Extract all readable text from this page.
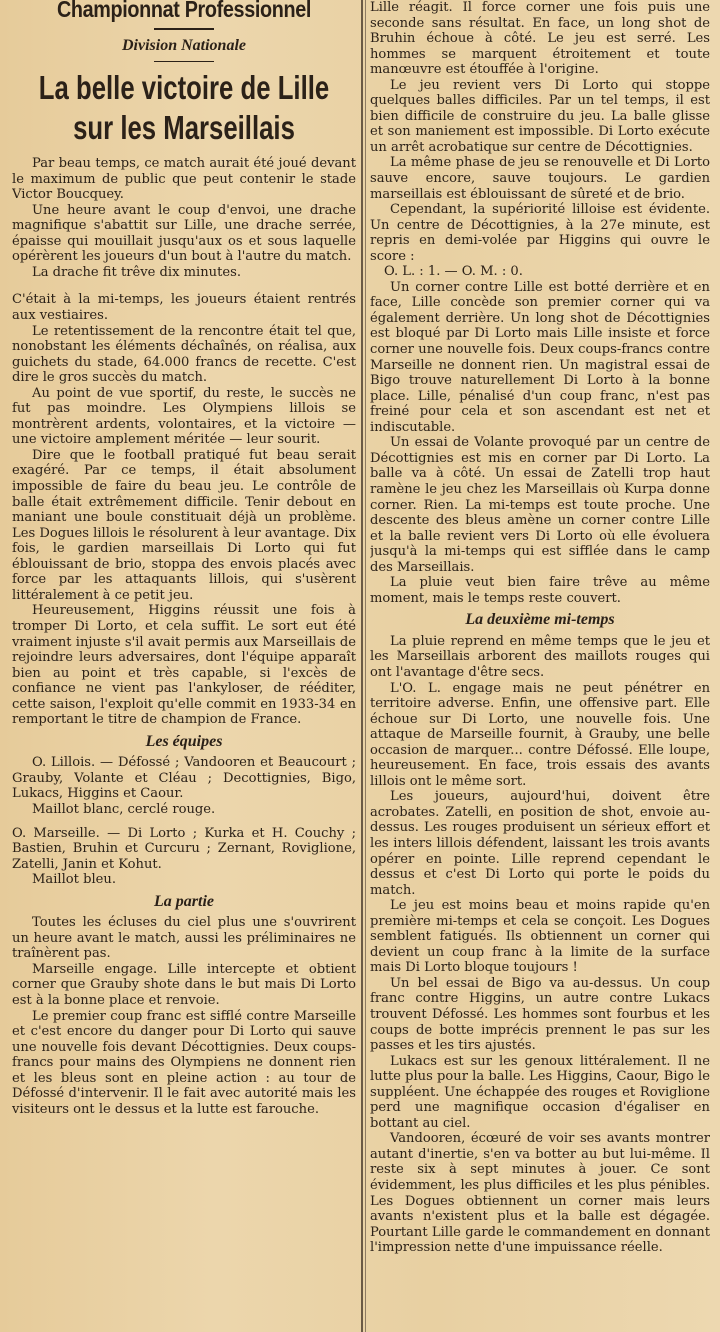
Championnat Professionnel
Division Nationale
La belle victoire de Lille
sur les Marseillais

Par beau temps, ce match aurait été joué devant le maximum de public que peut contenir le stade Victor Boucquey.

Une heure avant le coup d'envoi, une drache magnifique s'abattit sur Lille, une drache serrée, épaisse qui mouillait jusqu'aux os et sous laquelle opérèrent les joueurs d'un bout à l'autre du match.

La drache fit trêve dix minutes.

C'était à la mi-temps, les joueurs étaient rentrés aux vestiaires.

Le retentissement de la rencontre était tel que, nonobstant les éléments déchaînés, on réalisa, aux guichets du stade, 64.000 francs de recette. C'est dire le gros succès du match.

Au point de vue sportif, du reste, le succès ne fut pas moindre. Les Olympiens lillois se montrèrent ardents, volontaires, et la victoire — une victoire amplement méritée — leur sourit.

Dire que le football pratiqué fut beau serait exagéré. Par ce temps, il était absolument impossible de faire du beau jeu. Le contrôle de balle était extrêmement difficile. Tenir debout en maniant une boule constituait déjà un problème. Les Dogues lillois le résolurent à leur avantage. Dix fois, le gardien marseillais Di Lorto qui fut éblouissant de brio, stoppa des envois placés avec force par les attaquants lillois, qui s'usèrent littéralement à ce petit jeu.

Heureusement, Higgins réussit une fois à tromper Di Lorto, et cela suffit. Le sort eut été vraiment injuste s'il avait permis aux Marseillais de rejoindre leurs adversaires, dont l'équipe apparaît bien au point et très capable, si l'excès de confiance ne vient pas l'ankyloser, de rééditer, cette saison, l'exploit qu'elle commit en 1933-34 en remportant le titre de champion de France.

Les équipes

O. Lillois. — Défossé ; Vandooren et Beaucourt ; Grauby, Volante et Cléau ; Decottignies, Bigo, Lukacs, Higgins et Caour.

Maillot blanc, cerclé rouge.

O. Marseille. — Di Lorto ; Kurka et H. Couchy ; Bastien, Bruhin et Curcuru ; Zernant, Roviglione, Zatelli, Janin et Kohut.

Maillot bleu.

La partie

Toutes les écluses du ciel plus une s'ouvrirent un heure avant le match, aussi les préliminaires ne traînèrent pas.

Marseille engage. Lille intercepte et obtient corner que Grauby shote dans le but mais Di Lorto est à la bonne place et renvoie.

Le premier coup franc est sifflé contre Marseille et c'est encore du danger pour Di Lorto qui sauve une nouvelle fois devant Décottignies. Deux coups-francs pour mains des Olympiens ne donnent rien et les bleus sont en pleine action : au tour de Défossé d'intervenir. Il le fait avec autorité mais les visiteurs ont le dessus et la lutte est farouche.

Lille réagit. Il force corner une fois puis une seconde sans résultat. En face, un long shot de Bruhin échoue à côté. Le jeu est serré. Les hommes se marquent étroitement et toute manœuvre est étouffée à l'origine.

Le jeu revient vers Di Lorto qui stoppe quelques balles difficiles. Par un tel temps, il est bien difficile de construire du jeu. La balle glisse et son maniement est impossible. Di Lorto exécute un arrêt acrobatique sur centre de Décottignies.

La même phase de jeu se renouvelle et Di Lorto sauve encore, sauve toujours. Le gardien marseillais est éblouissant de sûreté et de brio.

Cependant, la supériorité lilloise est évidente. Un centre de Décottignies, à la 27e minute, est repris en demi-volée par Higgins qui ouvre le score :

O. L. : 1. — O. M. : 0.

Un corner contre Lille est botté derrière et en face, Lille concède son premier corner qui va également derrière. Un long shot de Décottignies est bloqué par Di Lorto mais Lille insiste et force corner une nouvelle fois. Deux coups-francs contre Marseille ne donnent rien. Un magistral essai de Bigo trouve naturellement Di Lorto à la bonne place. Lille, pénalisé d'un coup franc, n'est pas freiné pour cela et son ascendant est net et indiscutable.

Un essai de Volante provoqué par un centre de Décottignies est mis en corner par Di Lorto. La balle va à côté. Un essai de Zatelli trop haut ramène le jeu chez les Marseillais où Kurpa donne corner. Rien. La mi-temps est toute proche. Une descente des bleus amène un corner contre Lille et la balle revient vers Di Lorto où elle évoluera jusqu'à la mi-temps qui est sifflée dans le camp des Marseillais.

La pluie veut bien faire trêve au même moment, mais le temps reste couvert.

La deuxième mi-temps

La pluie reprend en même temps que le jeu et les Marseillais arborent des maillots rouges qui ont l'avantage d'être secs.

L'O. L. engage mais ne peut pénétrer en territoire adverse. Enfin, une offensive part. Elle échoue sur Di Lorto, une nouvelle fois. Une attaque de Marseille fournit, à Grauby, une belle occasion de marquer... contre Défossé. Elle loupe, heureusement. En face, trois essais des avants lillois ont le même sort.

Les joueurs, aujourd'hui, doivent être acrobates. Zatelli, en position de shot, envoie au-dessus. Les rouges produisent un sérieux effort et les inters lillois défendent, laissant les trois avants opérer en pointe. Lille reprend cependant le dessus et c'est Di Lorto qui porte le poids du match.

Le jeu est moins beau et moins rapide qu'en première mi-temps et cela se conçoit. Les Dogues semblent fatigués. Ils obtiennent un corner qui devient un coup franc à la limite de la surface mais Di Lorto bloque toujours !

Un bel essai de Bigo va au-dessus. Un coup franc contre Higgins, un autre contre Lukacs trouvent Défossé. Les hommes sont fourbus et les coups de botte imprécis prennent le pas sur les passes et les tirs ajustés.

Lukacs est sur les genoux littéralement. Il ne lutte plus pour la balle. Les Higgins, Caour, Bigo le suppléent. Une échappée des rouges et Roviglione perd une magnifique occasion d'égaliser en bottant au ciel.

Vandooren, écœuré de voir ses avants montrer autant d'inertie, s'en va botter au but lui-même. Il reste six à sept minutes à jouer. Ce sont évidemment, les plus difficiles et les plus pénibles. Les Dogues obtiennent un corner mais leurs avants n'existent plus et la balle est dégagée. Pourtant Lille garde le commandement en donnant l'impression nette d'une impuissance réelle.
